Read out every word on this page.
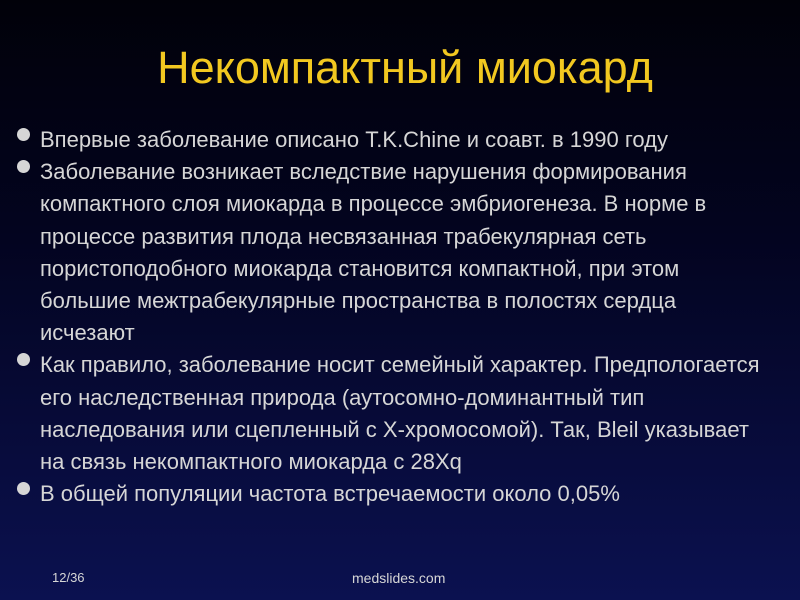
Некомпактный миокард
Впервые заболевание описано T.K.Chine и соавт. в 1990 году
Заболевание возникает вследствие нарушения формирования компактного слоя миокарда в процессе эмбриогенеза. В норме в процессе развития плода несвязанная трабекулярная сеть пористоподобного миокарда становится компактной, при этом большие межтрабекулярные пространства в полостях сердца исчезают
Как правило, заболевание носит семейный характер. Предпологается его наследственная природа (аутосомно-доминантный тип наследования или сцепленный с X-хромосомой). Так, Bleil указывает на связь некомпактного миокарда с 28Xq
В общей популяции частота встречаемости около 0,05%
12/36	medslides.com
